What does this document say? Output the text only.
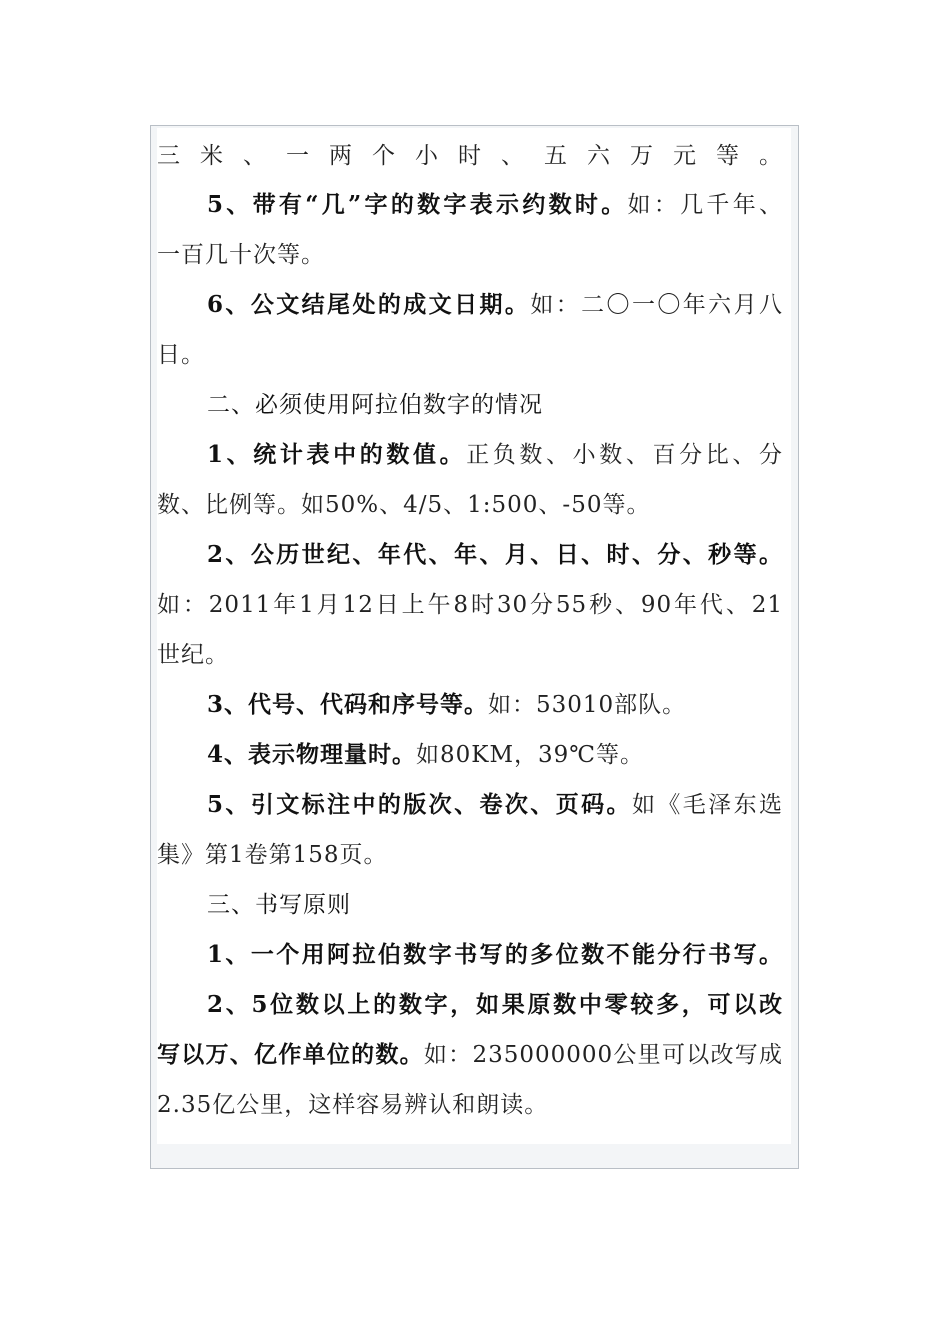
三米、一两个小时、五六万元等。
5、带有“几”字的数字表示约数时。如：几千年、
一百几十次等。
6、公文结尾处的成文日期。如：二〇一〇年六月八
日。
二、必须使用阿拉伯数字的情况
1、统计表中的数值。正负数、小数、百分比、分
数、比例等。如50%、4/5、1:500、-50等。
2、公历世纪、年代、年、月、日、时、分、秒等。
如：2011年1月12日上午8时30分55秒、90年代、21
世纪。
3、代号、代码和序号等。如：53010部队。
4、表示物理量时。如80KM，39℃等。
5、引文标注中的版次、卷次、页码。如《毛泽东选
集》第1卷第158页。
三、书写原则
1、一个用阿拉伯数字书写的多位数不能分行书写。
2、5位数以上的数字，如果原数中零较多，可以改
写以万、亿作单位的数。如：235000000公里可以改写成
2.35亿公里，这样容易辨认和朗读。
